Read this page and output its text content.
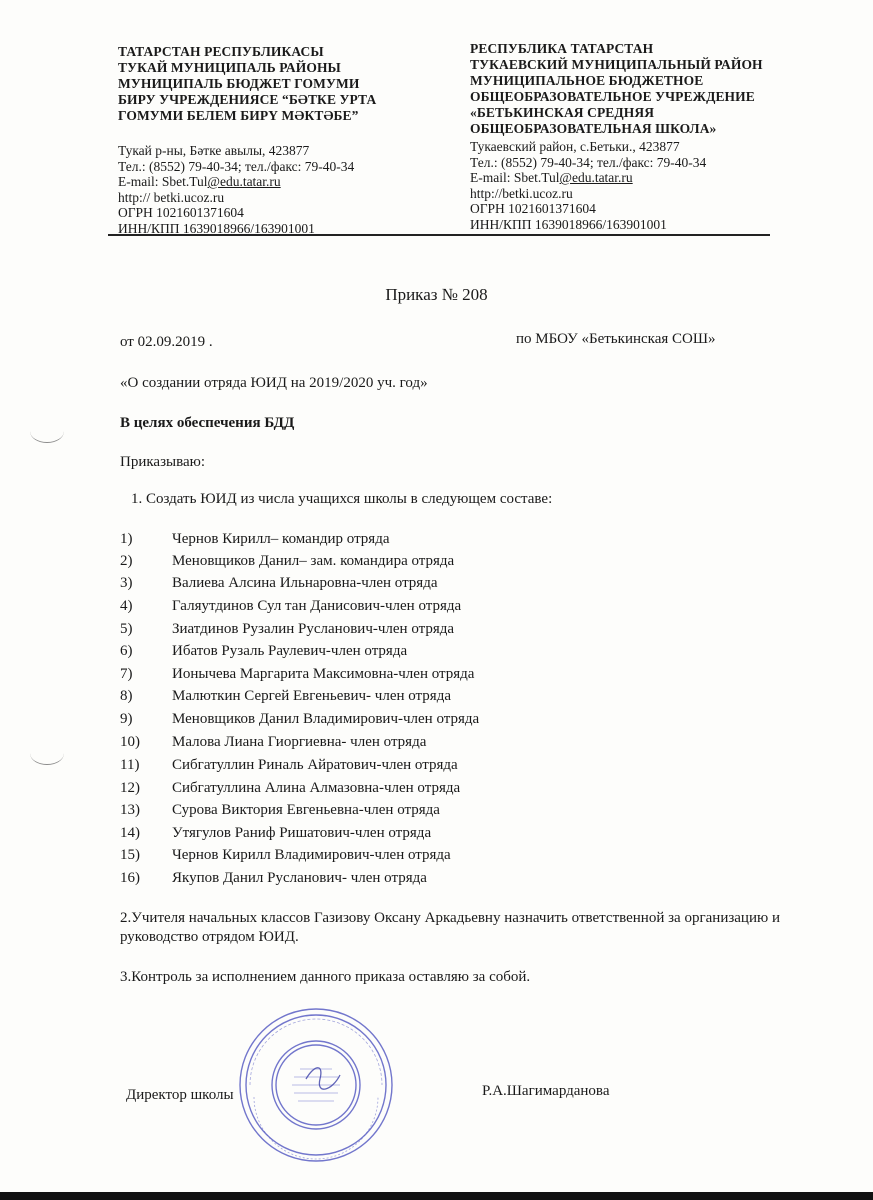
ТАТАРСТАН РЕСПУБЛИКАСЫ
ТУКАЙ МУНИЦИПАЛЬ РАЙОНЫ
МУНИЦИПАЛЬ БЮДЖЕТ ГОМУМИ
БИРУ УЧРЕЖДЕНИЯСЕ “БӘТКЕ УРТА
ГОМУМИ БЕЛЕМ БИРҮ МӘКТӘБЕ”
Тукай р-ны, Бәтке авылы, 423877
Тел.: (8552) 79-40-34; тел./факс: 79-40-34
E-mail: Sbet.Tul@edu.tatar.ru
http:// betki.ucoz.ru
ОГРН 1021601371604
ИНН/КПП 1639018966/163901001
РЕСПУБЛИКА ТАТАРСТАН
ТУКАЕВСКИЙ МУНИЦИПАЛЬНЫЙ РАЙОН
МУНИЦИПАЛЬНОЕ БЮДЖЕТНОЕ
ОБЩЕОБРАЗОВАТЕЛЬНОЕ УЧРЕЖДЕНИЕ
«БЕТЬКИНСКАЯ СРЕДНЯЯ
ОБЩЕОБРАЗОВАТЕЛЬНАЯ ШКОЛА»
Тукаевский район, с.Бетьки., 423877
Тел.: (8552) 79-40-34; тел./факс: 79-40-34
E-mail: Sbet.Tul@edu.tatar.ru
http://betki.ucoz.ru
ОГРН 1021601371604
ИНН/КПП 1639018966/163901001
Приказ № 208
от 02.09.2019 .	по МБОУ «Бетькинская СОШ»
«О создании отряда ЮИД на 2019/2020 уч. год»
В целях обеспечения БДД
Приказываю:
1. Создать ЮИД из числа учащихся школы в следующем составе:
1)	Чернов Кирилл– командир отряда
2)	Меновщиков Данил– зам. командира отряда
3)	Валиева Алсина Ильнаровна-член отряда
4)	Галяутдинов Сул тан Данисович-член отряда
5)	Зиатдинов Рузалин Русланович-член отряда
6)	Ибатов Рузаль Раулевич-член отряда
7)	Ионычева Маргарита Максимовна-член отряда
8)	Малюткин Сергей Евгеньевич- член отряда
9)	Меновщиков Данил Владимирович-член отряда
10) Малова Лиана Гиоргиевна- член отряда
11) Сибгатуллин Риналь Айратович-член отряда
12) Сибгатуллина Алина Алмазовна-член отряда
13) Сурова Виктория Евгеньевна-член отряда
14) Утягулов Раниф Ришатович-член отряда
15) Чернов Кирилл Владимирович-член отряда
16) Якупов Данил Русланович- член отряда
2.Учителя начальных классов Газизову Оксану Аркадьевну назначить ответственной за организацию и руководство отрядом ЮИД.
3.Контроль за исполнением данного приказа оставляю за собой.
Директор школы	Р.А.Шагимарданова
